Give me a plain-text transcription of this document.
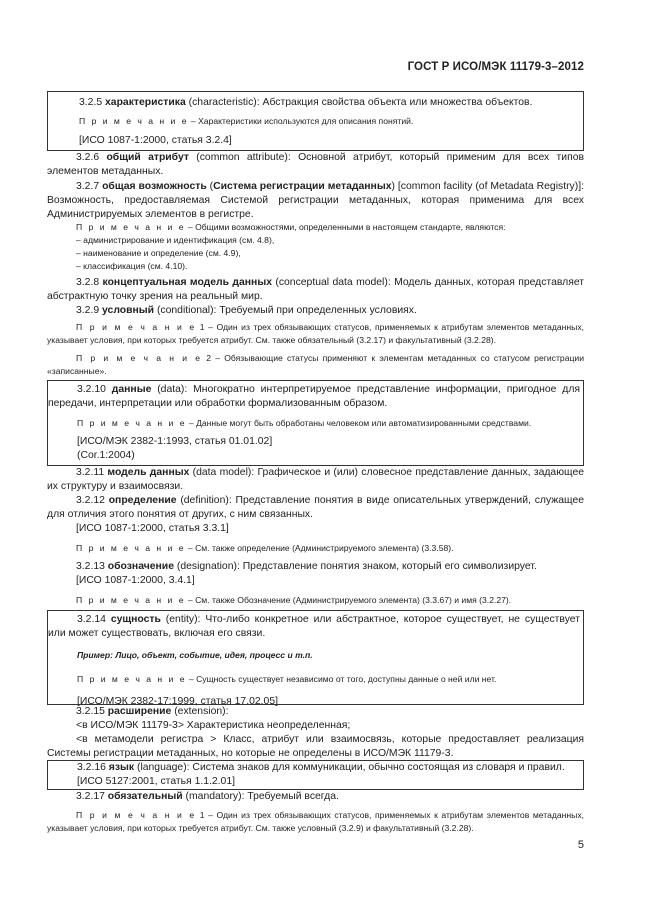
ГОСТ Р ИСО/МЭК 11179-3–2012

3.2.5 характеристика (characteristic): Абстракция свойства объекта или множества объектов.

П р и м е ч а н и е – Характеристики используются для описания понятий.

[ИСО 1087-1:2000, статья 3.2.4]

3.2.6 общий атрибут (common attribute): Основной атрибут, который применим для всех типов элементов метаданных.

3.2.7 общая возможность (Система регистрации метаданных) [common facility (of Metadata Registry)]: Возможность, предоставляемая Системой регистрации метаданных, которая применима для всех Администрируемых элементов в регистре.

П р и м е ч а н и е – Общими возможностями, определенными в настоящем стандарте, являются:

– администрирование и идентификация (см. 4.8),

– наименование и определение (см. 4.9),

– классификация (см. 4.10).

3.2.8 концептуальная модель данных (conceptual data model): Модель данных, которая представляет абстрактную точку зрения на реальный мир.

3.2.9 условный (conditional): Требуемый при определенных условиях.

П р и м е ч а н и е 1 – Один из трех обязывающих статусов, применяемых к атрибутам элементов метаданных, указывает условия, при которых требуется атрибут. См. также обязательный (3.2.17) и факультативный (3.2.28).

П р и м е ч а н и е 2 – Обязывающие статусы применяют к элементам метаданных со статусом регистрации «записанные».

3.2.10 данные (data): Многократно интерпретируемое представление информации, пригодное для передачи, интерпретации или обработки формализованным образом.

П р и м е ч а н и е – Данные могут быть обработаны человеком или автоматизированными средствами.

[ИСО/МЭК 2382-1:1993, статья 01.01.02]

(Cor.1:2004)

3.2.11 модель данных (data model): Графическое и (или) словесное представление данных, задающее их структуру и взаимосвязи.

3.2.12 определение (definition): Представление понятия в виде описательных утверждений, служащее для отличия этого понятия от других, с ним связанных.

[ИСО 1087-1:2000, статья 3.3.1]

П р и м е ч а н и е – См. также определение (Администрируемого элемента) (3.3.58).

3.2.13 обозначение (designation): Представление понятия знаком, который его символизирует.

[ИСО 1087-1:2000, 3.4.1]

П р и м е ч а н и е – См. также Обозначение (Администрируемого элемента) (3.3.67) и имя (3.2.27).

3.2.14 сущность (entity): Что-либо конкретное или абстрактное, которое существует, не существует или может существовать, включая его связи.

Пример: Лицо, объект, событие, идея, процесс и т.п.

П р и м е ч а н и е – Сущность существует независимо от того, доступны данные о ней или нет.

[ИСО/МЭК 2382-17:1999, статья 17.02.05]

3.2.15 расширение (extension):

<в ИСО/МЭК 11179-3> Характеристика неопределенная;

<в метамодели регистра > Класс, атрибут или взаимосвязь, которые предоставляет реализация Системы регистрации метаданных, но которые не определены в ИСО/МЭК 11179-3.

3.2.16 язык (language): Система знаков для коммуникации, обычно состоящая из словаря и правил.

[ИСО 5127:2001, статья 1.1.2.01]

3.2.17 обязательный (mandatory): Требуемый всегда.

П р и м е ч а н и е 1 – Один из трех обязывающих статусов, применяемых к атрибутам элементов метаданных, указывает условия, при которых требуется атрибут. См. также условный (3.2.9) и факультативный (3.2.28).

5
